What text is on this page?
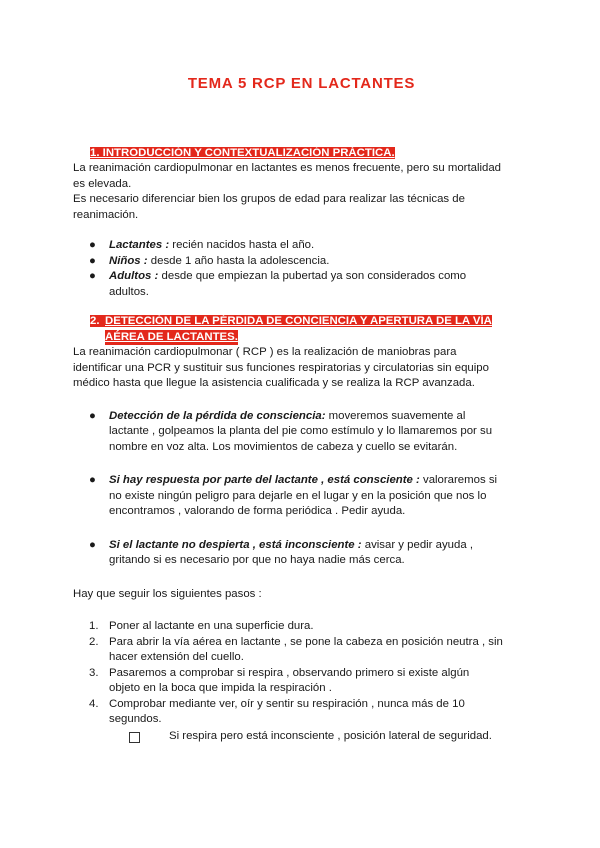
TEMA 5 RCP EN LACTANTES
1. INTRODUCCIÓN Y CONTEXTUALIZACIÓN PRÁCTICA.

La reanimación cardiopulmonar en lactantes es menos frecuente, pero su mortalidad
es elevada.

Es necesario diferenciar bien los grupos de edad para realizar las técnicas de
reanimación.

● Lactantes : recién nacidos hasta el año.
● Niños : desde 1 año hasta la adolescencia.
● Adultos : desde que empiezan la pubertad ya son considerados como
adultos.
2. DETECCIÓN DE LA PÉRDIDA DE CONCIENCIA Y APERTURA DE LA VÍA
AÉREA DE LACTANTES.

La reanimación cardiopulmonar ( RCP ) es la realización de maniobras para
identificar una PCR y sustituir sus funciones respiratorias y circulatorias sin equipo
médico hasta que llegue la asistencia cualificada y se realiza la RCP avanzada.

● Detección de la pérdida de consciencia: moveremos suavemente al
lactante , golpeamos la planta del pie como estímulo y lo llamaremos por su
nombre en voz alta. Los movimientos de cabeza y cuello se evitarán.
● Si hay respuesta por parte del lactante , está consciente : valoraremos si
no existe ningún peligro para dejarle en el lugar y en la posición que nos lo
encontramos , valorando de forma periódica . Pedir ayuda.
● Si el lactante no despierta , está inconsciente : avisar y pedir ayuda ,
gritando si es necesario por que no haya nadie más cerca.

Hay que seguir los siguientes pasos :

1. Poner al lactante en una superficie dura.
2. Para abrir la vía aérea en lactante , se pone la cabeza en posición neutra , sin
hacer extensión del cuello.
3. Pasaremos a comprobar si respira , observando primero si existe algún
objeto en la boca que impida la respiración .
4. Comprobar mediante ver, oír y sentir su respiración , nunca más de 10
segundos.
Si respira pero está inconsciente , posición lateral de seguridad.
